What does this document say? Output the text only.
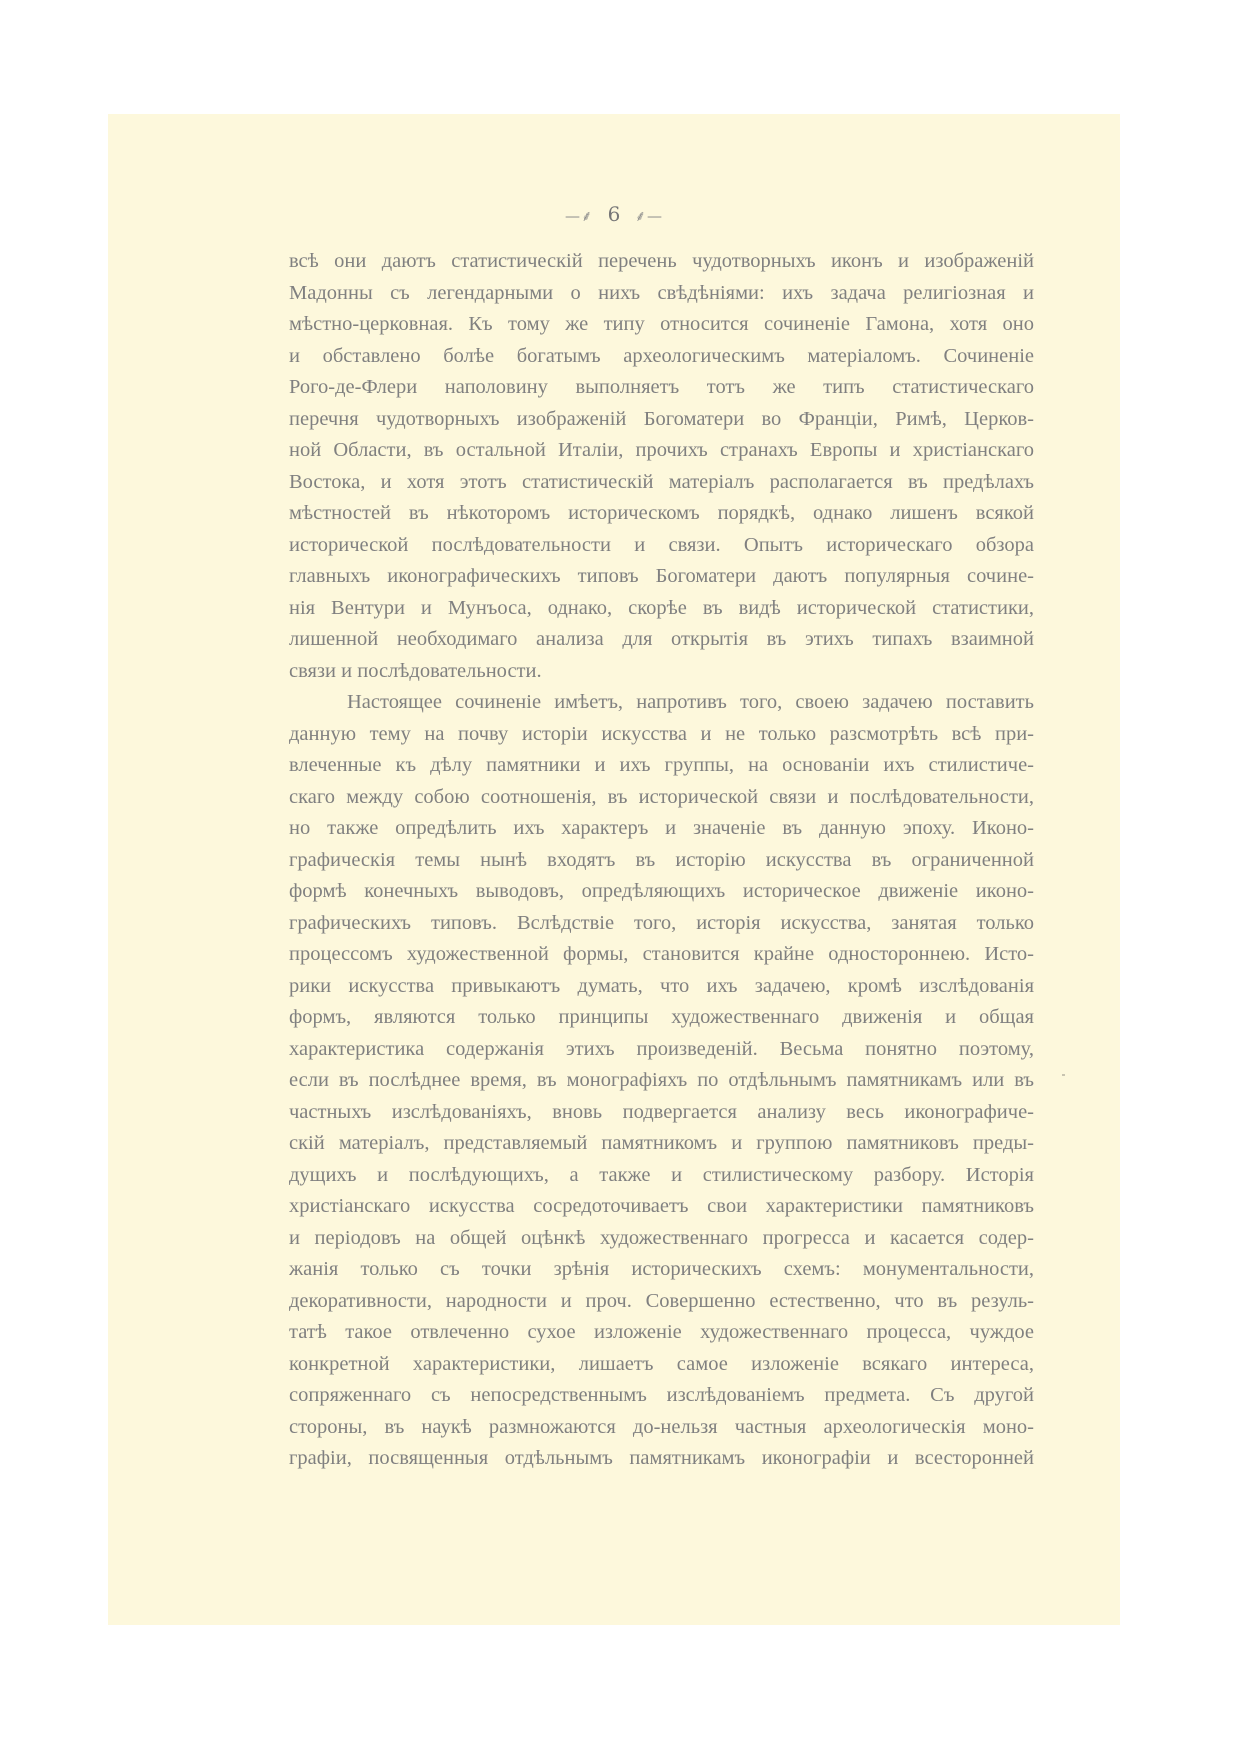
—⸙ 6 ⸙—
всѣ они даютъ статистическій перечень чудотворныхъ иконъ и изображеній
Мадонны съ легендарными о нихъ свѣдѣніями: ихъ задача религіозная и
мѣстно-церковная. Къ тому же типу относится сочиненіе Гамона, хотя оно
и обставлено болѣе богатымъ археологическимъ матеріаломъ. Сочиненіе
Рого-де-Флери наполовину выполняетъ тотъ же типъ статистическаго
перечня чудотворныхъ изображеній Богоматери во Франціи, Римѣ, Церков-
ной Области, въ остальной Италіи, прочихъ странахъ Европы и христіанскаго
Востока, и хотя этотъ статистическій матеріалъ располагается въ предѣлахъ
мѣстностей въ нѣкоторомъ историческомъ порядкѣ, однако лишенъ всякой
исторической послѣдовательности и связи. Опытъ историческаго обзора
главныхъ иконографическихъ типовъ Богоматери даютъ популярныя сочине-
нія Вентури и Мунъоса, однако, скорѣе въ видѣ исторической статистики,
лишенной необходимаго анализа для открытія въ этихъ типахъ взаимной
связи и послѣдовательности.
Настоящее сочиненіе имѣетъ, напротивъ того, своею задачею поставить
данную тему на почву исторіи искусства и не только разсмотрѣть всѣ при-
влеченные къ дѣлу памятники и ихъ группы, на основаніи ихъ стилистиче-
скаго между собою соотношенія, въ исторической связи и послѣдовательности,
но также опредѣлить ихъ характеръ и значеніе въ данную эпоху. Иконо-
графическія темы нынѣ входятъ въ исторію искусства въ ограниченной
формѣ конечныхъ выводовъ, опредѣляющихъ историческое движеніе иконо-
графическихъ типовъ. Вслѣдствіе того, исторія искусства, занятая только
процессомъ художественной формы, становится крайне одностороннею. Исто-
рики искусства привыкаютъ думать, что ихъ задачею, кромѣ изслѣдованія
формъ, являются только принципы художественнаго движенія и общая
характеристика содержанія этихъ произведеній. Весьма понятно поэтому,
если въ послѣднее время, въ монографіяхъ по отдѣльнымъ памятникамъ или въ
частныхъ изслѣдованіяхъ, вновь подвергается анализу весь иконографиче-
скій матеріалъ, представляемый памятникомъ и группою памятниковъ преды-
дущихъ и послѣдующихъ, а также и стилистическому разбору. Исторія
христіанскаго искусства сосредоточиваетъ свои характеристики памятниковъ
и періодовъ на общей оцѣнкѣ художественнаго прогресса и касается содер-
жанія только съ точки зрѣнія историческихъ схемъ: монументальности,
декоративности, народности и проч. Совершенно естественно, что въ резуль-
татѣ такое отвлеченно сухое изложеніе художественнаго процесса, чуждое
конкретной характеристики, лишаетъ самое изложеніе всякаго интереса,
сопряженнаго съ непосредственнымъ изслѣдованіемъ предмета. Съ другой
стороны, въ наукѣ размножаются до-нельзя частныя археологическія моно-
графіи, посвященныя отдѣльнымъ памятникамъ иконографіи и всесторонней
